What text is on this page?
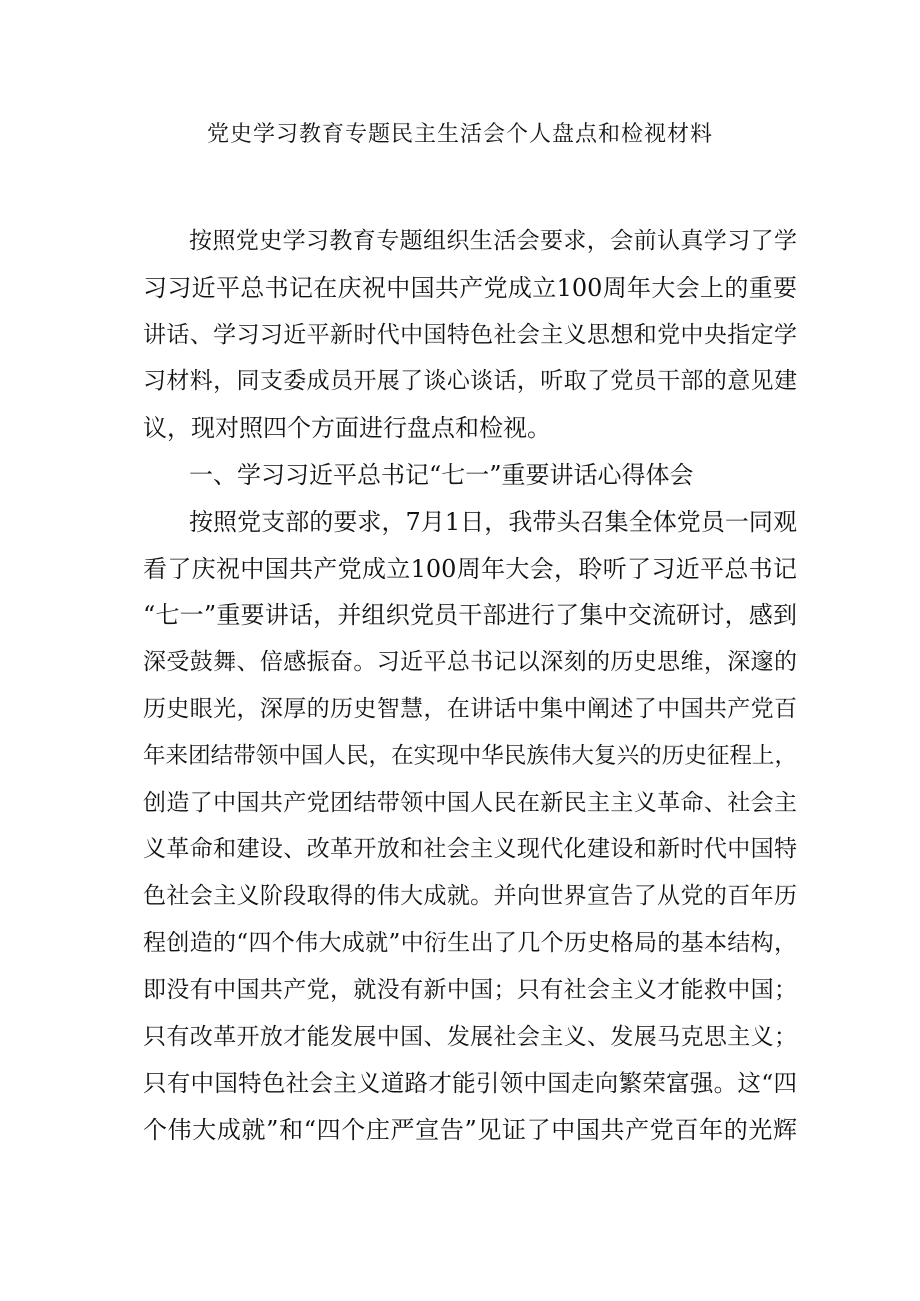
党史学习教育专题民主生活会个人盘点和检视材料
按照党史学习教育专题组织生活会要求，会前认真学习了学
习习近平总书记在庆祝中国共产党成立100周年大会上的重要
讲话、学习习近平新时代中国特色社会主义思想和党中央指定学
习材料，同支委成员开展了谈心谈话，听取了党员干部的意见建
议，现对照四个方面进行盘点和检视。
一、学习习近平总书记“七一”重要讲话心得体会
按照党支部的要求，7月1日，我带头召集全体党员一同观
看了庆祝中国共产党成立100周年大会，聆听了习近平总书记
“七一”重要讲话，并组织党员干部进行了集中交流研讨，感到
深受鼓舞、倍感振奋。习近平总书记以深刻的历史思维，深邃的
历史眼光，深厚的历史智慧，在讲话中集中阐述了中国共产党百
年来团结带领中国人民，在实现中华民族伟大复兴的历史征程上，
创造了中国共产党团结带领中国人民在新民主主义革命、社会主
义革命和建设、改革开放和社会主义现代化建设和新时代中国特
色社会主义阶段取得的伟大成就。并向世界宣告了从党的百年历
程创造的“四个伟大成就”中衍生出了几个历史格局的基本结构，
即没有中国共产党，就没有新中国；只有社会主义才能救中国；
只有改革开放才能发展中国、发展社会主义、发展马克思主义；
只有中国特色社会主义道路才能引领中国走向繁荣富强。这“四
个伟大成就”和“四个庄严宣告”见证了中国共产党百年的光辉
